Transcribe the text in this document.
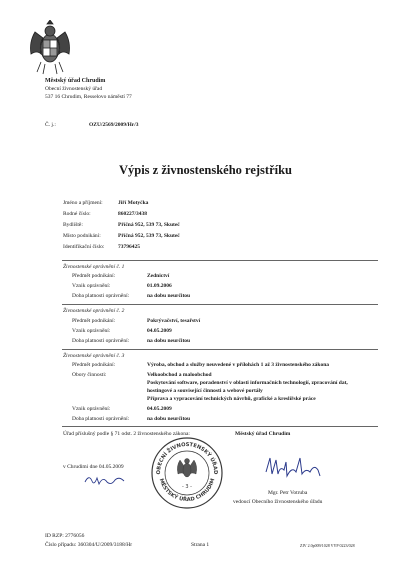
Městský úřad Chrudim
Obecní živnostenský úřad
537 16 Chrudim, Resselovo náměstí 77
Č. j.:	OZU/2569/2009/Hr/3
Výpis z živnostenského rejstříku
Jméno a příjmení:	Jiří Motyčka
Rodné číslo:	860227/3438
Bydliště:	Příčná 952, 539 73, Skuteč
Místo podnikání:	Příčná 952, 539 73, Skuteč
Identifikační číslo: 73796425
Živnostenské oprávnění č. 1
Předmět podnikání:	Zednictví
Vznik oprávnění:	01.09.2006
Doba platnosti oprávnění:	na dobu neurčitou
Živnostenské oprávnění č. 2
Předmět podnikání:	Pokrývačství, tesařství
Vznik oprávnění:	04.05.2009
Doba platnosti oprávnění:	na dobu neurčitou
Živnostenské oprávnění č. 3
Předmět podnikání:	Výroba, obchod a služby neuvedené v přílohách 1 až 3 živnostenského zákona
Obory činnosti:	Velkoobchod a maloobchod
Poskytování software, poradenství v oblasti informačních technologií, zpracování dat,
hostingové a související činnosti a webové portály
Příprava a vypracování technických návrhů, grafické a kreslířské práce
Vznik oprávnění:	04.05.2009
Doba platnosti oprávnění:	na dobu neurčitou
Úřad příslušný podle § 71 odst. 2 živnostenského zákona:	Městský úřad Chrudim
v Chrudimi dne 04.05.2009
OBECNÍ ŽIVNOSTENSKÝ ÚŘAD
MĚSTSKÝ ÚŘAD CHRUDIM
- 3 -
Mgr. Petr Votruba
vedoucí Obecního živnostenského úřadu
ID RZP: 2776056
Číslo případu: 360304/U/2009/3188/Hr	Strana 1	ZIV 2.0p009/1028 VYP 0223/028
